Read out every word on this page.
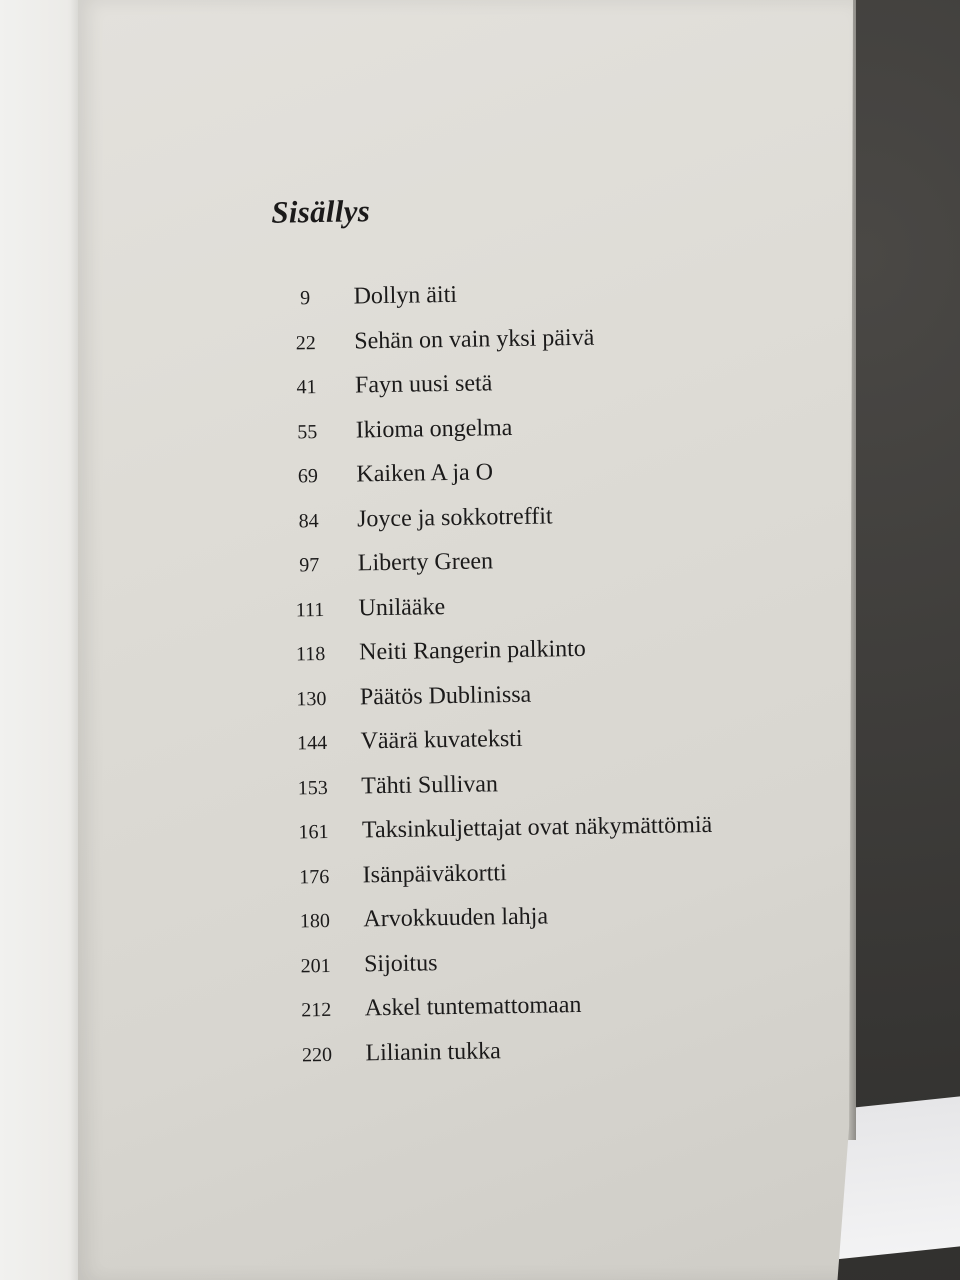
Sisällys
9	Dollyn äiti
22	Sehän on vain yksi päivä
41	Fayn uusi setä
55	Ikioma ongelma
69	Kaiken A ja O
84	Joyce ja sokkotreffit
97	Liberty Green
111	Unilääke
118	Neiti Rangerin palkinto
130	Päätös Dublinissa
144	Väärä kuvateksti
153	Tähti Sullivan
161	Taksinkuljettajat ovat näkymättömiä
176	Isänpäiväkortti
180	Arvokkuuden lahja
201	Sijoitus
212	Askel tuntemattomaan
220	Lilianin tukka
